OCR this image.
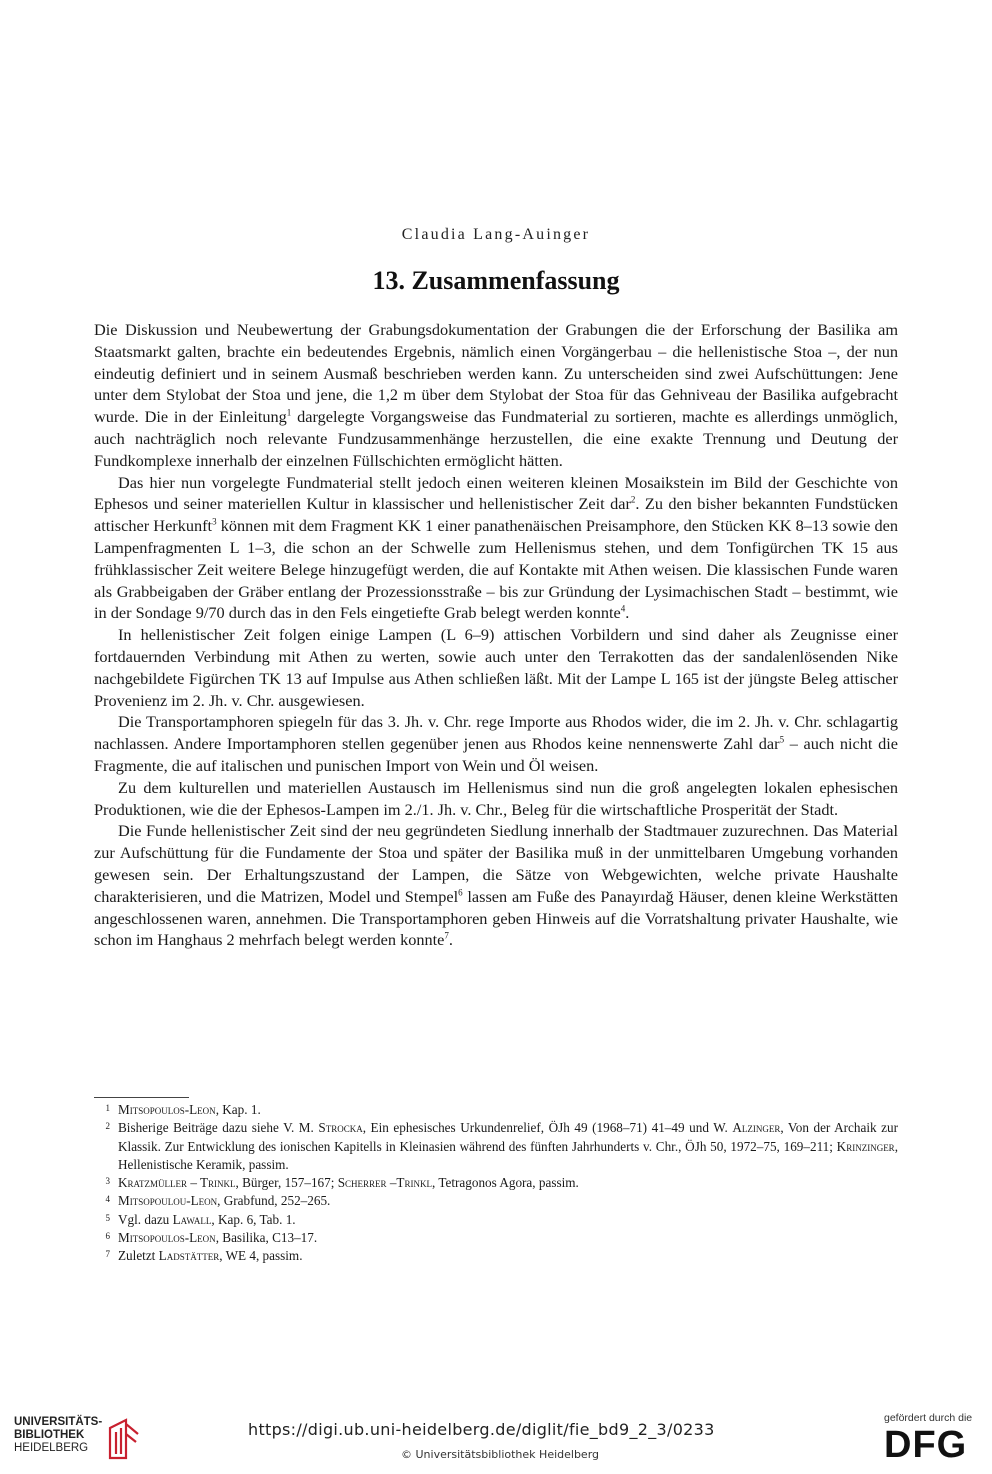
Claudia Lang-Auinger
13. Zusammenfassung

Die Diskussion und Neubewertung der Grabungsdokumentation der Grabungen die der Erforschung der Basilika am Staatsmarkt galten, brachte ein bedeutendes Ergebnis, nämlich einen Vorgängerbau – die hellenistische Stoa –, der nun eindeutig definiert und in seinem Ausmaß beschrieben werden kann. Zu unterscheiden sind zwei Aufschüttungen: Jene unter dem Stylobat der Stoa und jene, die 1,2 m über dem Stylobat der Stoa für das Gehniveau der Basilika aufgebracht wurde. Die in der Einleitung$^1$ dargelegte Vorgangsweise das Fundmaterial zu sortieren, machte es allerdings unmöglich, auch nachträglich noch relevante Fundzusammenhänge herzustellen, die eine exakte Trennung und Deutung der Fundkomplexe innerhalb der einzelnen Füllschichten ermöglicht hätten.

Das hier nun vorgelegte Fundmaterial stellt jedoch einen weiteren kleinen Mosaikstein im Bild der Geschichte von Ephesos und seiner materiellen Kultur in klassischer und hellenistischer Zeit dar$^2$. Zu den bisher bekannten Fundstücken attischer Herkunft$^3$ können mit dem Fragment KK 1 einer panathenäischen Preisamphore, den Stücken KK 8–13 sowie den Lampenfragmenten L 1–3, die schon an der Schwelle zum Hellenismus stehen, und dem Tonfigürchen TK 15 aus frühklassischer Zeit weitere Belege hinzugefügt werden, die auf Kontakte mit Athen weisen. Die klassischen Funde waren als Grabbeigaben der Gräber entlang der Prozessionsstraße – bis zur Gründung der Lysimachischen Stadt – bestimmt, wie in der Sondage 9/70 durch das in den Fels eingetiefte Grab belegt werden konnte$^4$.

In hellenistischer Zeit folgen einige Lampen (L 6–9) attischen Vorbildern und sind daher als Zeugnisse einer fortdauernden Verbindung mit Athen zu werten, sowie auch unter den Terrakotten das der sandalenlösenden Nike nachgebildete Figürchen TK 13 auf Impulse aus Athen schließen läßt. Mit der Lampe L 165 ist der jüngste Beleg attischer Provenienz im 2. Jh. v. Chr. ausgewiesen.

Die Transportamphoren spiegeln für das 3. Jh. v. Chr. rege Importe aus Rhodos wider, die im 2. Jh. v. Chr. schlagartig nachlassen. Andere Importamphoren stellen gegenüber jenen aus Rhodos keine nennenswerte Zahl dar$^5$ – auch nicht die Fragmente, die auf italischen und punischen Import von Wein und Öl weisen.

Zu dem kulturellen und materiellen Austausch im Hellenismus sind nun die groß angelegten lokalen ephesischen Produktionen, wie die der Ephesos-Lampen im 2./1. Jh. v. Chr., Beleg für die wirtschaftliche Prosperität der Stadt.

Die Funde hellenistischer Zeit sind der neu gegründeten Siedlung innerhalb der Stadtmauer zuzurechnen. Das Material zur Aufschüttung für die Fundamente der Stoa und später der Basilika muß in der unmittelbaren Umgebung vorhanden gewesen sein. Der Erhaltungszustand der Lampen, die Sätze von Webgewichten, welche private Haushalte charakterisieren, und die Matrizen, Model und Stempel$^6$ lassen am Fuße des Panayırdağ Häuser, denen kleine Werkstätten angeschlossenen waren, annehmen. Die Transportamphoren geben Hinweis auf die Vorratshaltung privater Haushalte, wie schon im Hanghaus 2 mehrfach belegt werden konnte$^7$.

1 Mitsopoulos-Leon, Kap. 1.
2 Bisherige Beiträge dazu siehe V. M. Strocka, Ein ephesisches Urkundenrelief, ÖJh 49 (1968–71) 41–49 und W. Alzinger, Von der Archaik zur Klassik. Zur Entwicklung des ionischen Kapitells in Kleinasien während des fünften Jahrhunderts v. Chr., ÖJh 50, 1972–75, 169–211; Krinzinger, Hellenistische Keramik, passim.
3 Kratzmüller – Trinkl, Bürger, 157–167; Scherrer –Trinkl, Tetragonos Agora, passim.
4 Mitsopoulou-Leon, Grabfund, 252–265.
5 Vgl. dazu Lawall, Kap. 6, Tab. 1.
6 Mitsopoulos-Leon, Basilika, C13–17.
7 Zuletzt Ladstätter, WE 4, passim.
UNIVERSITÄTS-
BIBLIOTHEK
HEIDELBERG
https://digi.ub.uni-heidelberg.de/diglit/fie_bd9_2_3/0233
© Universitätsbibliothek Heidelberg
gefördert durch die
DFG
